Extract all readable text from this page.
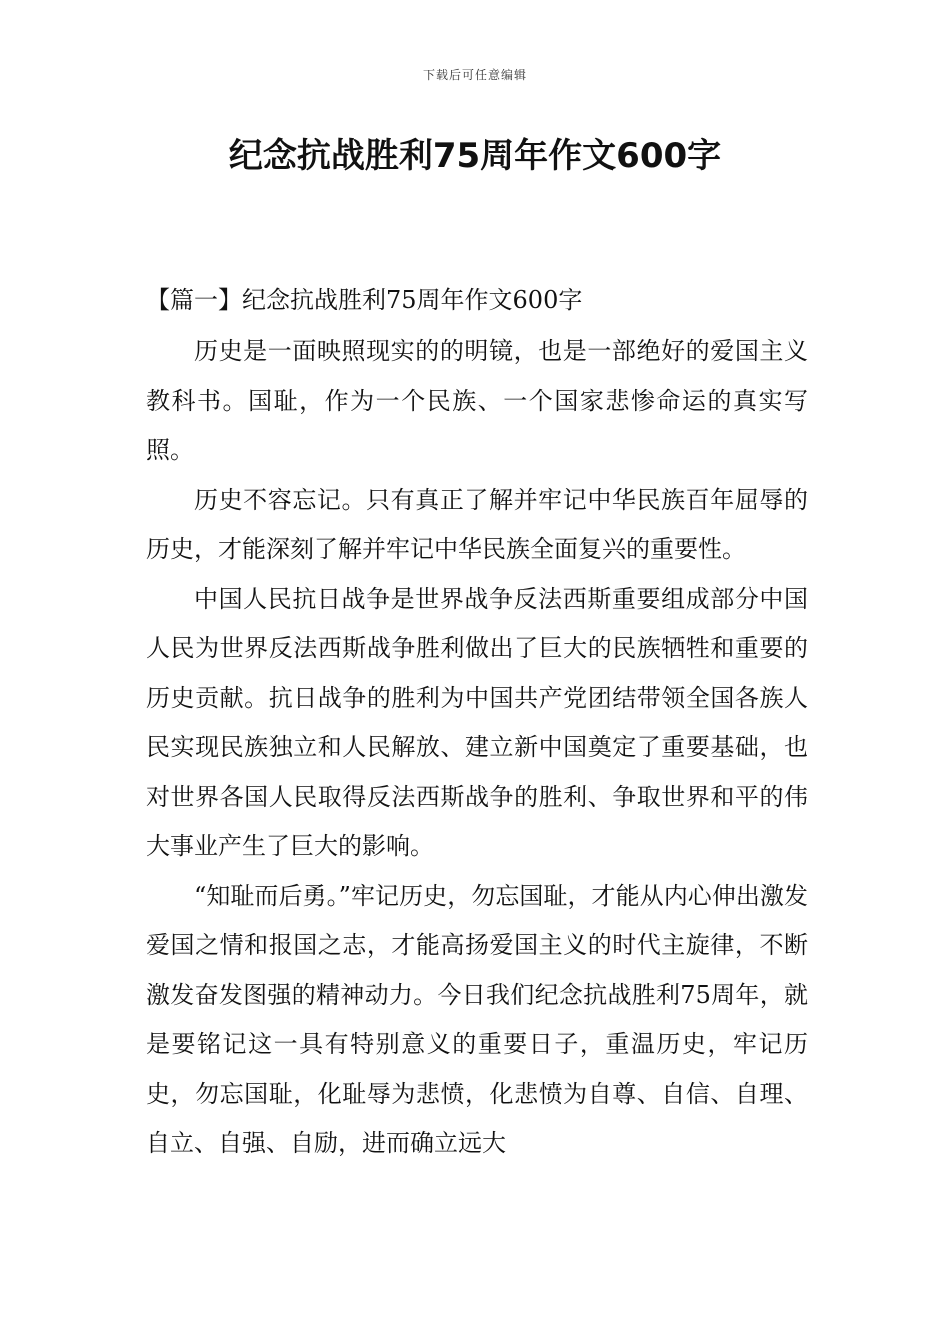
下载后可任意编辑
纪念抗战胜利75周年作文600字
【篇一】纪念抗战胜利75周年作文600字

历史是一面映照现实的的明镜，也是一部绝好的爱国主义教科书。国耻，作为一个民族、一个国家悲惨命运的真实写照。

历史不容忘记。只有真正了解并牢记中华民族百年屈辱的历史，才能深刻了解并牢记中华民族全面复兴的重要性。

中国人民抗日战争是世界战争反法西斯重要组成部分中国人民为世界反法西斯战争胜利做出了巨大的民族牺牲和重要的历史贡献。抗日战争的胜利为中国共产党团结带领全国各族人民实现民族独立和人民解放、建立新中国奠定了重要基础，也对世界各国人民取得反法西斯战争的胜利、争取世界和平的伟大事业产生了巨大的影响。

“知耻而后勇。”牢记历史，勿忘国耻，才能从内心伸出激发爱国之情和报国之志，才能高扬爱国主义的时代主旋律，不断激发奋发图强的精神动力。今日我们纪念抗战胜利75周年，就是要铭记这一具有特别意义的重要日子，重温历史，牢记历史，勿忘国耻，化耻辱为悲愤，化悲愤为自尊、自信、自理、自立、自强、自励，进而确立远大
